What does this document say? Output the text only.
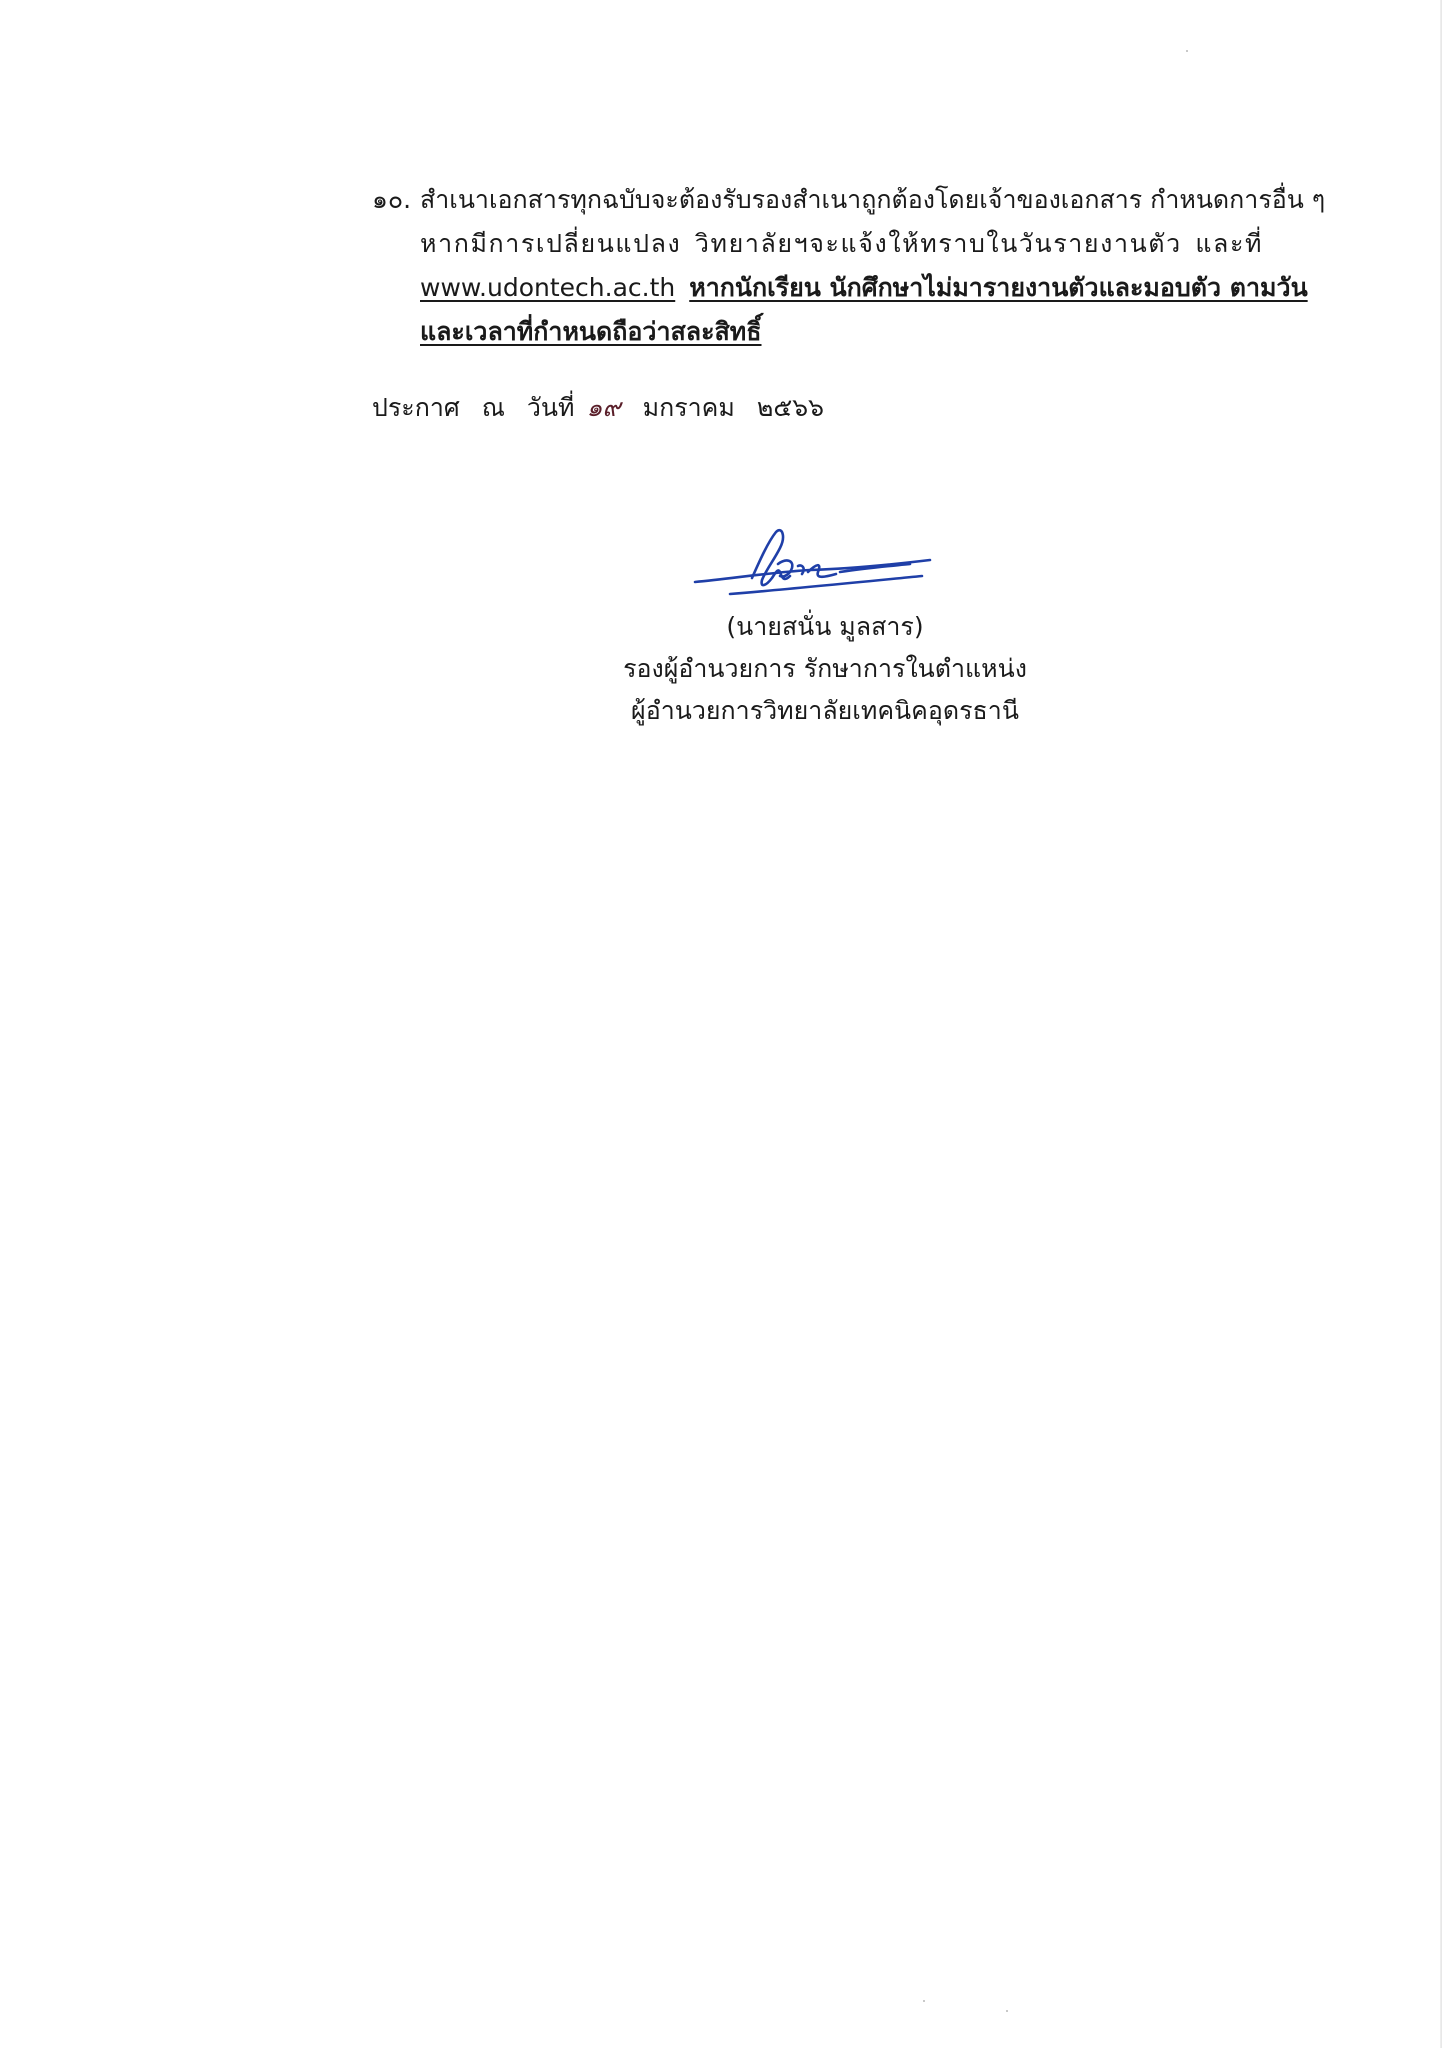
๑๐. สำเนาเอกสารทุกฉบับจะต้องรับรองสำเนาถูกต้องโดยเจ้าของเอกสาร กำหนดการอื่น ๆ
หากมีการเปลี่ยนแปลง วิทยาลัยฯจะแจ้งให้ทราบในวันรายงานตัว และที่
www.udontech.ac.th หากนักเรียน นักศึกษาไม่มารายงานตัวและมอบตัว ตามวัน
และเวลาที่กำหนดถือว่าสละสิทธิ์
ประกาศ ณ วันที่ ๑๙ มกราคม ๒๕๖๖
(นายสนั่น มูลสาร)
รองผู้อำนวยการ รักษาการในตำแหน่ง
ผู้อำนวยการวิทยาลัยเทคนิคอุดรธานี
